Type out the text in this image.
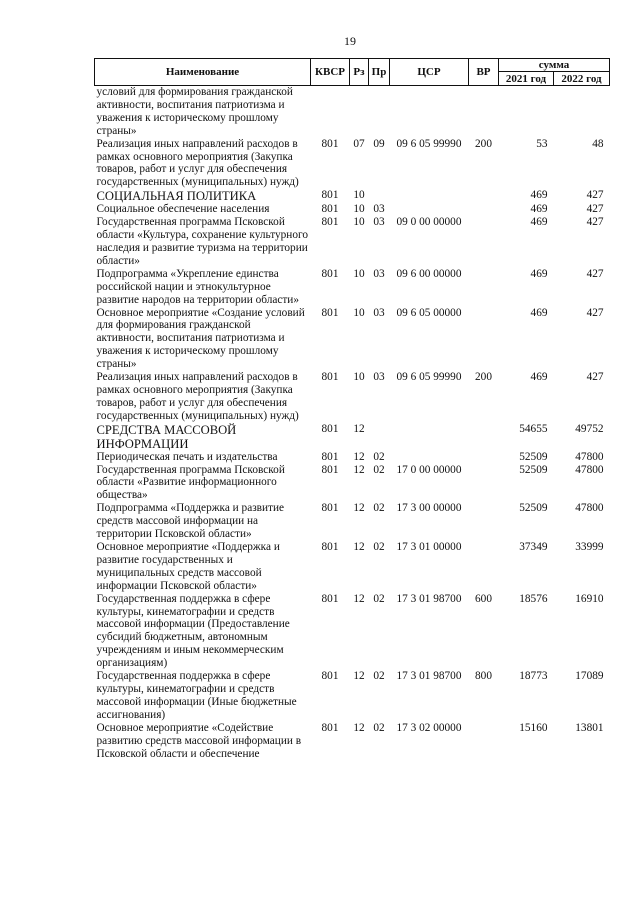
19
Наименование	КВСР	Рз	Пр	ЦСР	ВР	сумма	
						2021 год	2022 год
условий для формирования гражданской активности, воспитания патриотизма и уважения к историческому прошлому страны»							
Реализация иных направлений расходов в рамках основного мероприятия (Закупка товаров, работ и услуг для обеспечения государственных (муниципальных) нужд)	801	07	09	09 6 05 99990	200	53	48
СОЦИАЛЬНАЯ ПОЛИТИКА	801	10				469	427
Социальное обеспечение населения	801	10	03			469	427
Государственная программа Псковской области «Культура, сохранение культурного наследия и развитие туризма на территории области»	801	10	03	09 0 00 00000		469	427
Подпрограмма «Укрепление единства российской нации и этнокультурное развитие народов на территории области»	801	10	03	09 6 00 00000		469	427
Основное мероприятие «Создание условий для формирования гражданской активности, воспитания патриотизма и уважения к историческому прошлому страны»	801	10	03	09 6 05 00000		469	427
Реализация иных направлений расходов в рамках основного мероприятия (Закупка товаров, работ и услуг для обеспечения государственных (муниципальных) нужд)	801	10	03	09 6 05 99990	200	469	427
СРЕДСТВА МАССОВОЙ ИНФОРМАЦИИ	801	12				54655	49752
Периодическая печать и издательства	801	12	02			52509	47800
Государственная программа Псковской области «Развитие информационного общества»	801	12	02	17 0 00 00000		52509	47800
Подпрограмма «Поддержка и развитие средств массовой информации на территории Псковской области»	801	12	02	17 3 00 00000		52509	47800
Основное мероприятие «Поддержка и развитие государственных и муниципальных средств массовой информации Псковской области»	801	12	02	17 3 01 00000		37349	33999
Государственная поддержка в сфере культуры, кинематографии и средств массовой информации (Предоставление субсидий бюджетным, автономным учреждениям и иным некоммерческим организациям)	801	12	02	17 3 01 98700	600	18576	16910
Государственная поддержка в сфере культуры, кинематографии и средств массовой информации (Иные бюджетные ассигнования)	801	12	02	17 3 01 98700	800	18773	17089
Основное мероприятие «Содействие развитию средств массовой информации в Псковской области и обеспечение	801	12	02	17 3 02 00000		15160	13801
